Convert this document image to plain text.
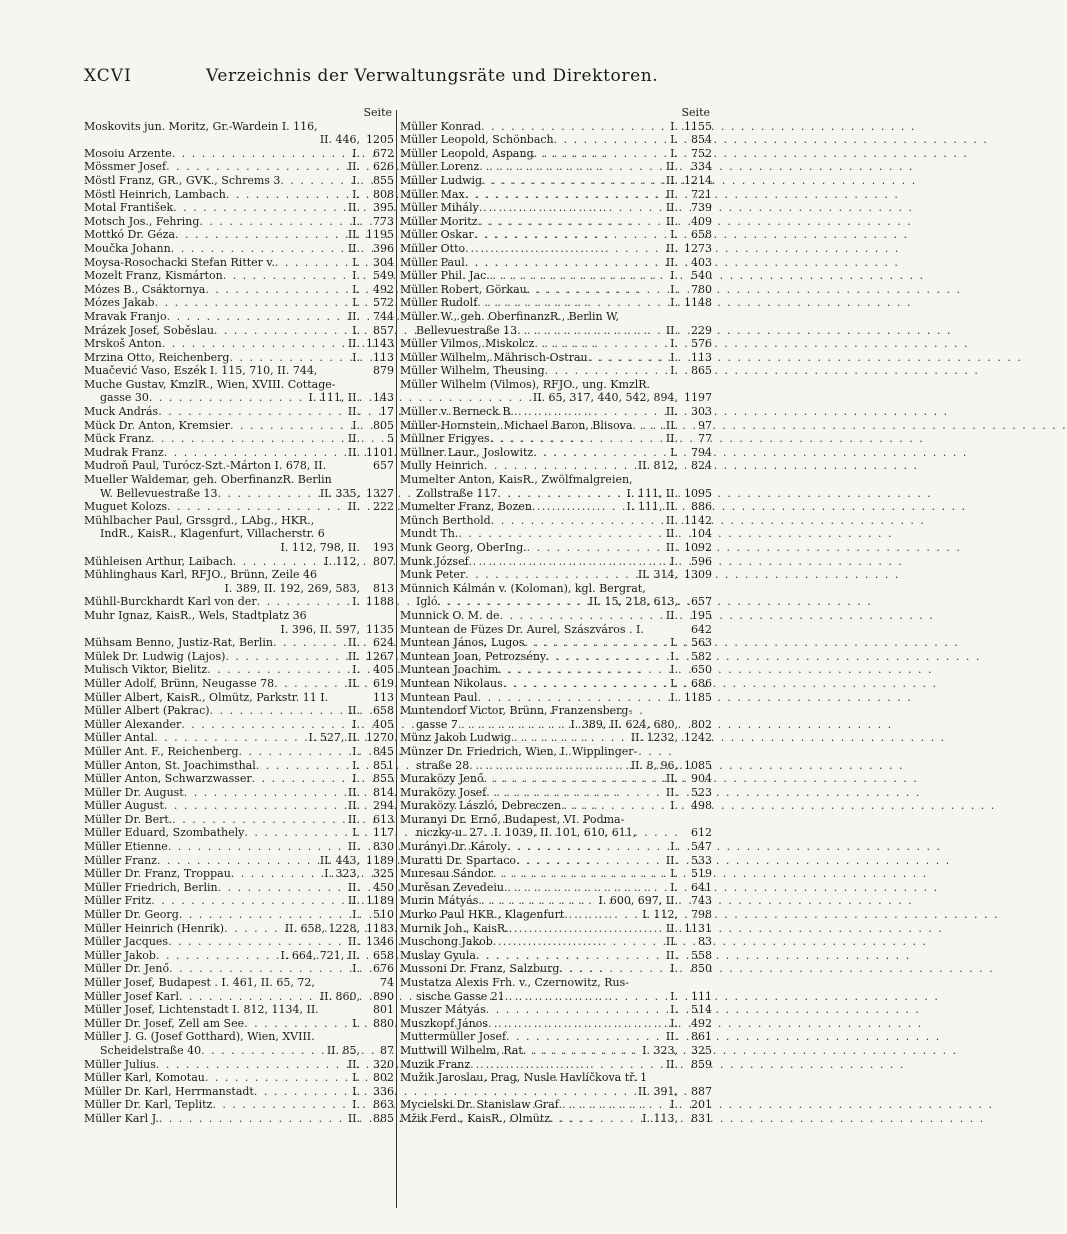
XCVI	Verzeichnis der Verwaltungsräte und Direktoren.
Seite
Moskovits jun. Moritz, Gr.-Wardein I. 116,
II. 446, 1205
Mosoiu Arzente . . .	I.	672
Mössmer Josef . . .	II.	626
Möstl Franz, GR., GVK., Schrems 3 . . .	I.	855
Möstl Heinrich, Lambach . . .	I.	808
Motal František . . .	II.	395
Motsch Jos., Fehring . . .	I.	773
Mottkó Dr. Géza . . .	II. 1195
Moučka Johann . . .	II.	396
Moysa-Rosochacki Stefan Ritter v. . . .	I.	304
Mozelt Franz, Kismárton . . .	I.	549
Mózes B., Csáktornya . . .	I.	492
Mózes Jakab . . .	I.	572
Mravak Franjo . . .	II.	744
Mrázek Josef, Soběslau . . .	I.	857
Mrskoš Anton . . .	II. 1143
Mrzina Otto, Reichenberg . . .	I.	113
Muačević Vaso, Eszék I. 115, 710, II. 744,	879
Muche Gustav, KmzlR., Wien, XVIII. Cottage-
gasse 30 . . .	I. 111, II.	143
Muck András . . .	II.	17
Mück Dr. Anton, Kremsier . . .	I.	805
Mück Franz . . .	II.	5
Mudrak Franz . . .	II. 1101
Mudroň Paul, Turócz-Szt.-Márton I. 678, II.	657
Mueller Waldemar, geh. OberfinanzR. Berlin
W. Bellevuestraße 13 . . .	II. 335, 1327
Muguet Kolozs . . .	II.	222
Mühlbacher Paul, Grssgrd., LAbg., HKR.,
IndR., KaisR., Klagenfurt, Villacherstr. 6
I. 112, 798, II.	193
Mühleisen Arthur, Laibach . . .	I. 112,	807
Mühlinghaus Karl, RFJO., Brünn, Zeile 46
I. 389, II. 192, 269, 583,	813
Mühll-Burckhardt Karl von der . . .	I. 1188
Muhr Ignaz, KaisR., Wels, Stadtplatz 36
I. 396, II. 597, 1135
Mühsam Benno, Justiz-Rat, Berlin . . .	II.	624
Mülek Dr. Ludwig (Lajos) . . .	II. 1267
Mulisch Viktor, Bielitz . . .	I.	405
Müller Adolf, Brünn, Neugasse 78 . . .	II.	619
Müller Albert, KaisR., Olmütz, Parkstr. 11 I.	113
Müller Albert (Pakrac) . . .	II.	658
Müller Alexander . . .	I.	405
Müller Antal . . .	I. 527, II. 1270
Müller Ant. F., Reichenberg . . .	I.	845
Müller Anton, St. Joachimsthal . . .	I.	851
Müller Anton, Schwarzwasser . . .	I.	855
Müller Dr. August . . .	II.	814
Müller August . . .	II.	294
Müller Dr. Bert. . . .	II.	613
Müller Eduard, Szombathely . . .	I.	117
Müller Etienne . . .	II.	830
Müller Franz . . .	II. 443, 1189
Müller Dr. Franz, Troppau . . .	I. 323,	325
Müller Friedrich, Berlin . . .	II.	450
Müller Fritz . . .	II. 1189
Müller Dr. Georg . . .	I.	510
Müller Heinrich (Henrik) . . .	II. 658, 1228, 1183
Müller Jacques . . .	II. 1346
Müller Jakob . . .	I. 664, 721, II.	658
Müller Dr. Jenő . . .	I.	676
Müller Josef, Budapest . I. 461, II. 65, 72,	74
Müller Josef Karl . . .	II. 860,	890
Müller Josef, Lichtenstadt I. 812, 1134, II.	801
Müller Dr. Josef, Zell am See . . .	I.	880
Müller J. G. (Josef Gotthard), Wien, XVIII.
Scheidelstraße 40 . . .	II. 85,	87
Müller Julius . . .	II.	320
Müller Karl, Komotau . . .	I.	802
Müller Dr. Karl, Herrmanstadt . . .	I.	336
Müller Dr. Karl, Teplitz . . .	I.	863
Müller Karl J. . . .	II.	885
Seite
Müller Konrad . . .	I. 1155
Müller Leopold, Schönbach . . .	I.	854
Müller Leopold, Aspang . . .	I.	752
Müller Lorenz . . .	II.	334
Müller Ludwig . . .	II. 1214
Müller Max . . .	II.	721
Müller Mihály . . .	II.	739
Müller Moritz . . .	II.	409
Müller Oskar . . .	I.	658
Müller Otto . . .	II. 1273
Müller Paul . . .	II.	403
Müller Phil. Jac. . . .	I.	540
Müller Robert, Görkau . . .	I.	780
Müller Rudolf . . .	I. 1148
Müller W., geh. OberfinanzR., Berlin W,
Bellevuestraße 13 . . .	II.	229
Müller Vilmos, Miskolcz . . .	I.	576
Müller Wilhelm, Mährisch-Ostrau . . .	I.	113
Müller Wilhelm, Theusing . . .	I.	865
Müller Wilhelm (Vilmos), RFJO., ung. KmzlR.
II. 65, 317, 440, 542, 894, 1197
Müller v. Berneck B. . . .	II.	303
Müller-Hornstein, Michael Baron, Blisova . . .	II.	97
Müllner Frigyes . . .	II.	77
Müllner Laur., Joslowitz . . .	I.	794
Mully Heinrich . . .	II. 812,	824
Mumelter Anton, KaisR., Zwölfmalgreien,
Zollstraße 117 . . .	I. 111, II. 1095
Mumelter Franz, Bozen . . .	I. 111, II.	886
Münch Berthold . . .	II. 1142
Mundt Th. . . .	II.	104
Munk Georg, OberIng. . . .	II. 1092
Munk József . . .	I.	596
Munk Peter . . .	II. 314, 1309
Münnich Kálmán v. (Koloman), kgl. Bergrat,
Igló . . .	II. 15, 218, 613,	657
Munnick O. M. de . . .	II.	195
Muntean de Füzes Dr. Aurel, Szászváros . I.	642
Muntean János, Lugos . . .	I.	563
Muntean Joan, Petrozsény . . .	I.	582
Muntean Joachim . . .	I.	650
Muntean Nikolaus . . .	I.	686
Muntean Paul . . .	I. 1185
Muntendorf Victor, Brünn, Franzensberg-
gasse 7 . . .	I. 389, II. 624, 680,	802
Münz Jakob Ludwig . . .	II. 1232, 1242
Münzer Dr. Friedrich, Wien, I. Wipplinger-
straße 28 . . .	II. 8, 96, 1085
Muraközy Jenő . . .	II.	904
Muraközy Josef . . .	II.	523
Muraközy László, Debreczen . . .	I.	498
Muranyi Dr. Ernő, Budapest, VI. Podma-
niczky-u. 27. .I. 1039, II. 101, 610, 611,	612
Murányi Dr. Károly . . .	I.	547
Muratti Dr. Spartaco . . .	II.	533
Muresau Sándor . . .	I.	519
Murěsan Zevedeiu . . .	I.	641
Murin Mátyás . . .	I. 600, 697, II.	743
Murko Paul HKR., Klagenfurt . . .	I. 112,	798
Murnik Joh., KaisR. . . .	II. 1131
Muschong Jakob . . .	II.	83
Muslay Gyula . . .	II.	558
Mussoni Dr. Franz, Salzburg . . .	I.	850
Mustatza Alexis Frh. v., Czernowitz, Rus-
sische Gasse 21 . . .	I.	111
Muszer Mátyás . . .	I.	514
Muszkopf János . . .	I.	492
Muttermüller Josef . . .	II.	861
Muttwill Wilhelm, Rat . . .	I. 323,	325
Muzik Franz . . .	II.	859
Mužik Jaroslau, Prag, Nusle Havlíčkova tř. 1
II. 391,	887
Mycielski Dr. Stanislaw Graf . . .	I.	201
Mžik Ferd., KaisR., Olmütz . . .	I. 113,	831
